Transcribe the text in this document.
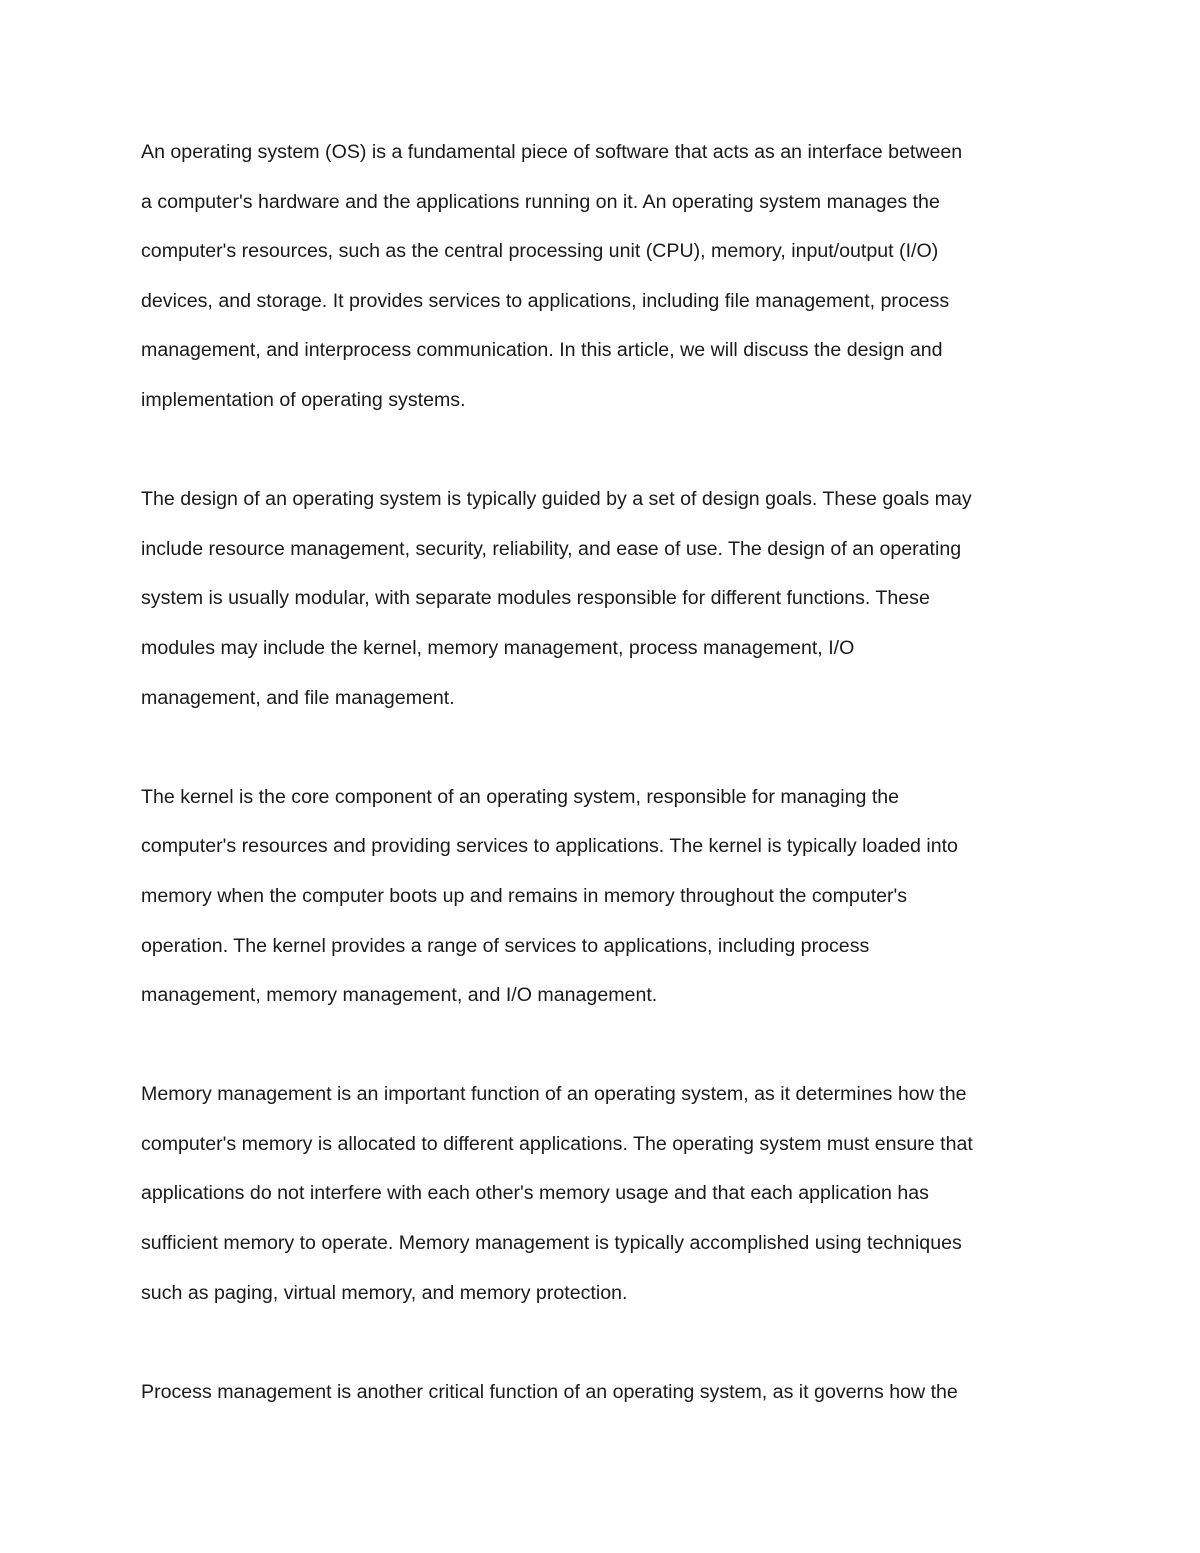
An operating system (OS) is a fundamental piece of software that acts as an interface between
a computer's hardware and the applications running on it. An operating system manages the
computer's resources, such as the central processing unit (CPU), memory, input/output (I/O)
devices, and storage. It provides services to applications, including file management, process
management, and interprocess communication. In this article, we will discuss the design and
implementation of operating systems.
The design of an operating system is typically guided by a set of design goals. These goals may
include resource management, security, reliability, and ease of use. The design of an operating
system is usually modular, with separate modules responsible for different functions. These
modules may include the kernel, memory management, process management, I/O
management, and file management.
The kernel is the core component of an operating system, responsible for managing the
computer's resources and providing services to applications. The kernel is typically loaded into
memory when the computer boots up and remains in memory throughout the computer's
operation. The kernel provides a range of services to applications, including process
management, memory management, and I/O management.
Memory management is an important function of an operating system, as it determines how the
computer's memory is allocated to different applications. The operating system must ensure that
applications do not interfere with each other's memory usage and that each application has
sufficient memory to operate. Memory management is typically accomplished using techniques
such as paging, virtual memory, and memory protection.
Process management is another critical function of an operating system, as it governs how the
